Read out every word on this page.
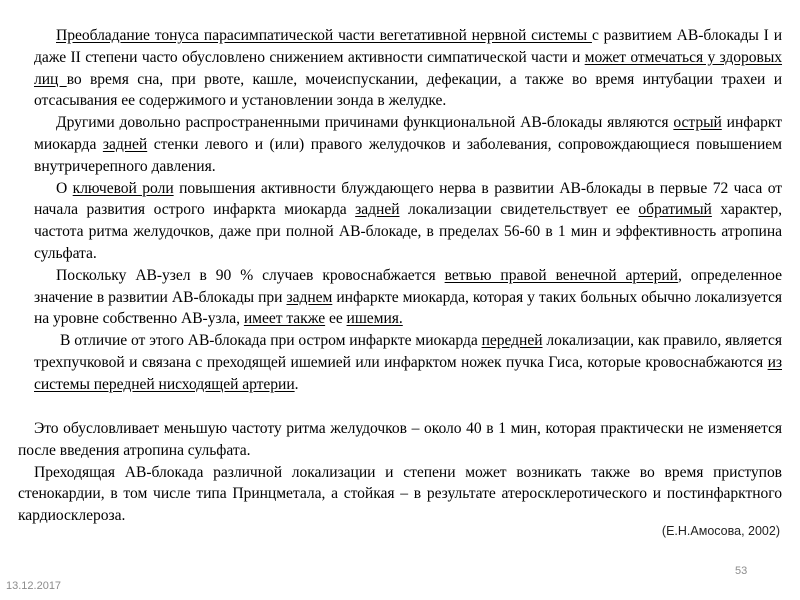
Преобладание тонуса парасимпатической части вегетативной нервной системы с развитием АВ-блокады I и даже II степени часто обусловлено снижением активности симпатической части и может отмечаться у здоровых лиц во время сна, при рвоте, кашле, мочеиспускании, дефекации, а также во время интубации трахеи и отсасывания ее содержимого и установлении зонда в желудке.

Другими довольно распространенными причинами функциональной АВ-блокады являются острый инфаркт миокарда задней стенки левого и (или) правого желудочков и заболевания, сопровождающиеся повышением внутричерепного давления.

О ключевой роли повышения активности блуждающего нерва в развитии АВ-блокады в первые 72 часа от начала развития острого инфаркта миокарда задней локализации свидетельствует ее обратимый характер, частота ритма желудочков, даже при полной АВ-блокаде, в пределах 56-60 в 1 мин и эффективность атропина сульфата.

Поскольку АВ-узел в 90 % случаев кровоснабжается ветвью правой венечной артерий, определенное значение в развитии АВ-блокады при заднем инфаркте миокарда, которая у таких больных обычно локализуется на уровне собственно АВ-узла, имеет также ее ишемия.

В отличие от этого АВ-блокада при остром инфаркте миокарда передней локализации, как правило, является трехпучковой и связана с преходящей ишемией или инфарктом ножек пучка Гиса, которые кровоснабжаются из системы передней нисходящей артерии.

Это обусловливает меньшую частоту ритма желудочков – около 40 в 1 мин, которая практически не изменяется после введения атропина сульфата.

Преходящая АВ-блокада различной локализации и степени может возникать также во время приступов стенокардии, в том числе типа Принцметала, а стойкая – в результате атеросклеротического и постинфарктного кардиосклероза.

(Е.Н.Амосова, 2002)
53
13.12.2017
